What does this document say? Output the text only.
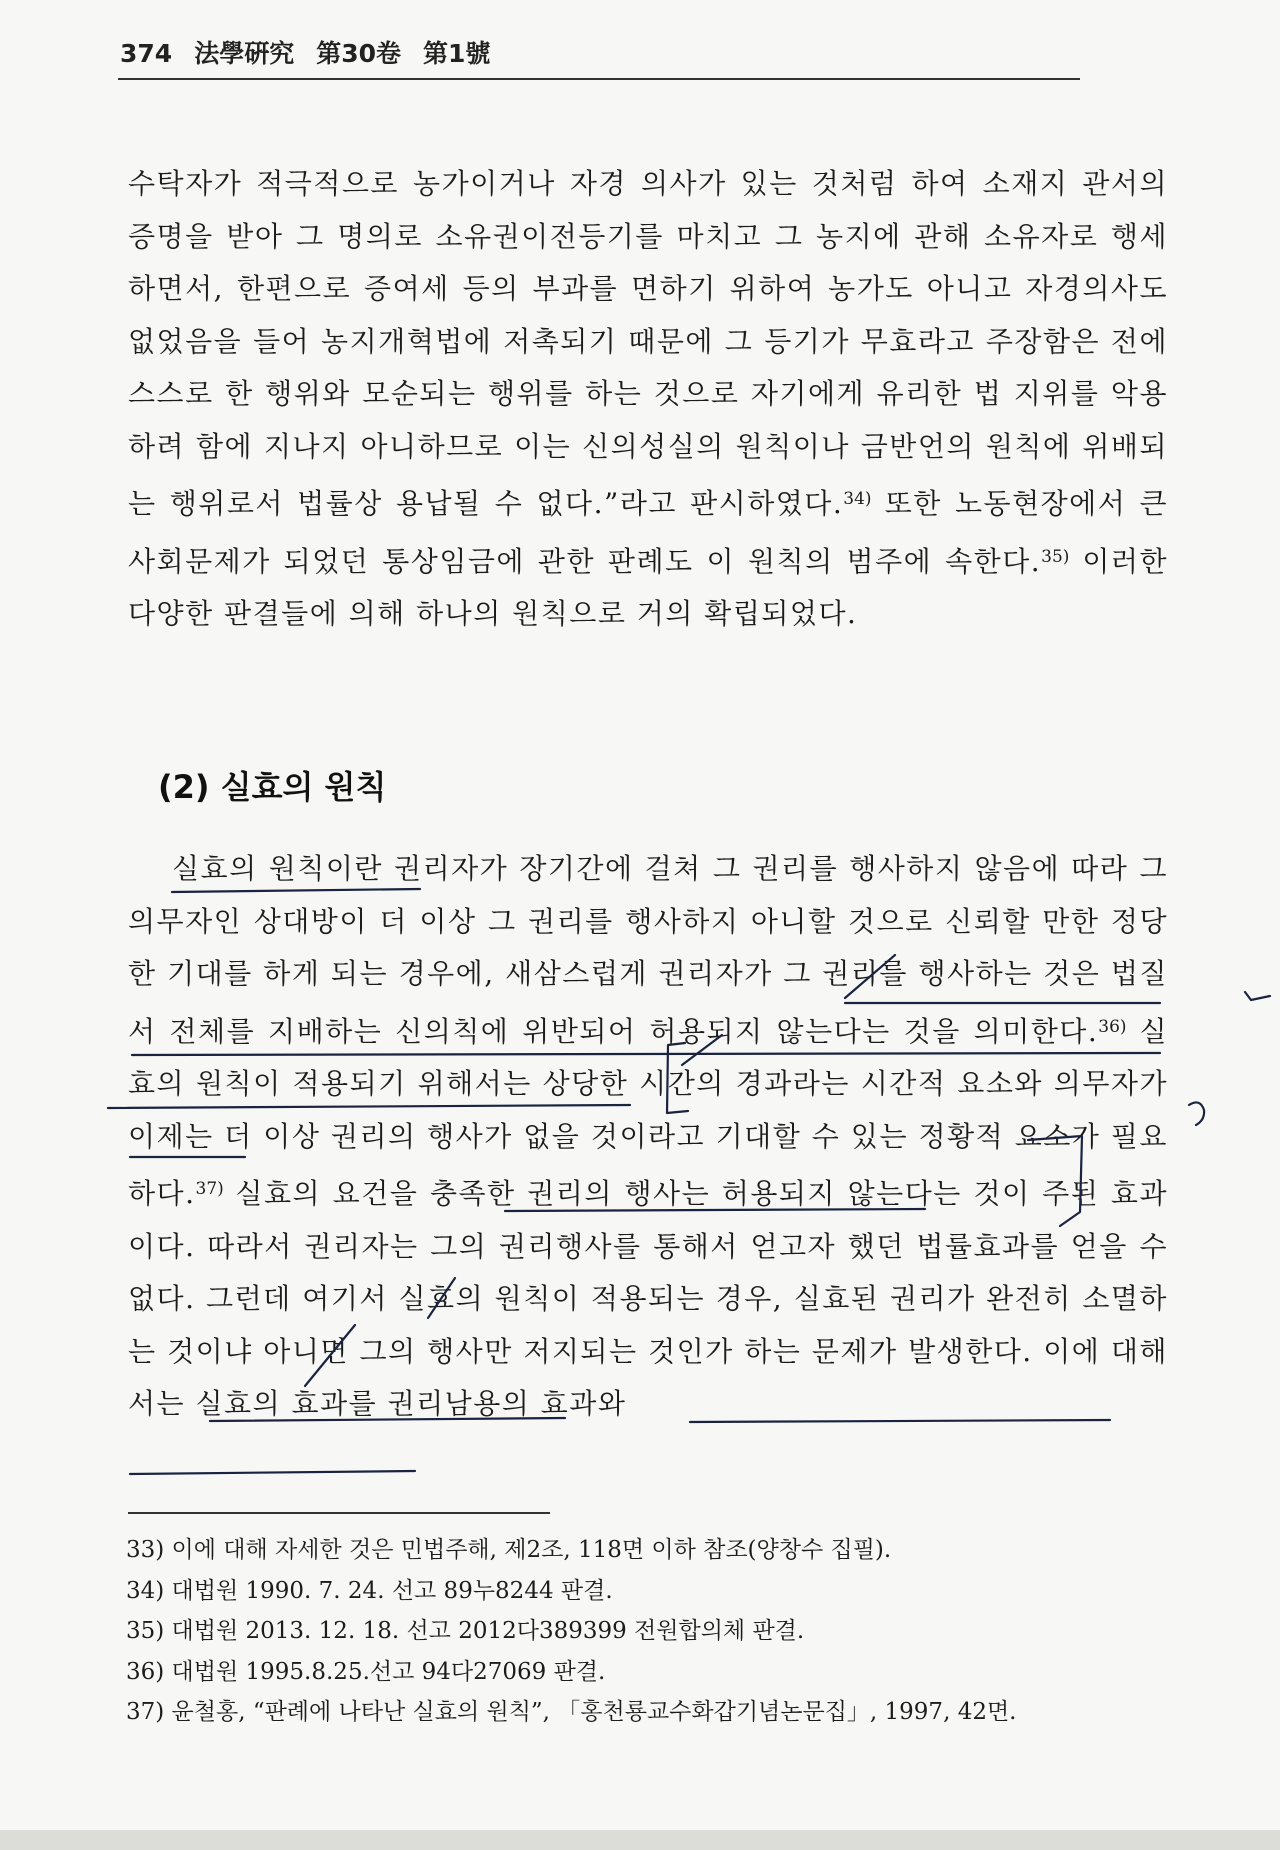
374 法學硏究 第30卷 第1號

수탁자가 적극적으로 농가이거나 자경 의사가 있는 것처럼 하여 소재지 관서의 증명을 받아 그 명의로 소유권이전등기를 마치고 그 농지에 관해 소유자로 행세하면서, 한편으로 증여세 등의 부과를 면하기 위하여 농가도 아니고 자경의사도 없었음을 들어 농지개혁법에 저촉되기 때문에 그 등기가 무효라고 주장함은 전에 스스로 한 행위와 모순되는 행위를 하는 것으로 자기에게 유리한 법 지위를 악용하려 함에 지나지 아니하므로 이는 신의성실의 원칙이나 금반언의 원칙에 위배되는 행위로서 법률상 용납될 수 없다.”라고 판시하였다.$^{34)}$ 또한 노동현장에서 큰 사회문제가 되었던 통상임금에 관한 판례도 이 원칙의 범주에 속한다.$^{35)}$ 이러한 다양한 판결들에 의해 하나의 원칙으로 거의 확립되었다.

(2) 실효의 원칙

실효의 원칙이란 권리자가 장기간에 걸쳐 그 권리를 행사하지 않음에 따라 그 의무자인 상대방이 더 이상 그 권리를 행사하지 아니할 것으로 신뢰할 만한 정당한 기대를 하게 되는 경우에, 새삼스럽게 권리자가 그 권리를 행사하는 것은 법질서 전체를 지배하는 신의칙에 위반되어 허용되지 않는다는 것을 의미한다.$^{36)}$ 실효의 원칙이 적용되기 위해서는 상당한 시간의 경과라는 시간적 요소와 의무자가 이제는 더 이상 권리의 행사가 없을 것이라고 기대할 수 있는 정황적 요소가 필요하다.$^{37)}$ 실효의 요건을 충족한 권리의 행사는 허용되지 않는다는 것이 주된 효과이다. 따라서 권리자는 그의 권리행사를 통해서 얻고자 했던 법률효과를 얻을 수 없다. 그런데 여기서 실효의 원칙이 적용되는 경우, 실효된 권리가 완전히 소멸하는 것이냐 아니면 그의 행사만 저지되는 것인가 하는 문제가 발생한다. 이에 대해서는 실효의 효과를 권리남용의 효과와

33) 이에 대해 자세한 것은 민법주해, 제2조, 118면 이하 참조(양창수 집필).
34) 대법원 1990. 7. 24. 선고 89누8244 판결.
35) 대법원 2013. 12. 18. 선고 2012다389399 전원합의체 판결.
36) 대법원 1995.8.25.선고 94다27069 판결.
37) 윤철홍, “판례에 나타난 실효의 원칙”, 「홍천룡교수화갑기념논문집」, 1997, 42면.
